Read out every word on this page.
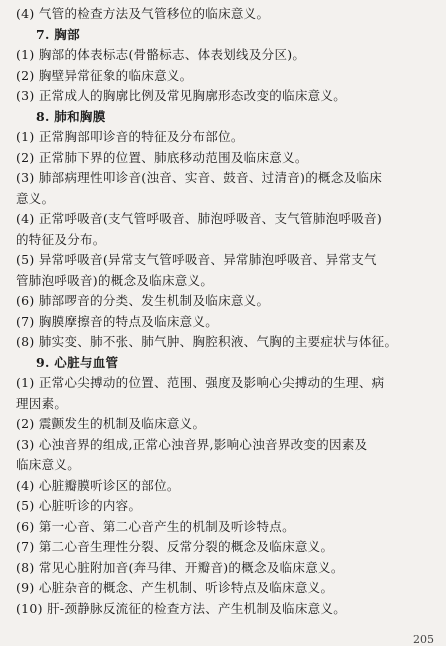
(4) 气管的检查方法及气管移位的临床意义。
7. 胸部
(1) 胸部的体表标志(骨骼标志、体表划线及分区)。
(2) 胸壁异常征象的临床意义。
(3) 正常成人的胸廓比例及常见胸廓形态改变的临床意义。
8. 肺和胸膜
(1) 正常胸部叩诊音的特征及分布部位。
(2) 正常肺下界的位置、肺底移动范围及临床意义。
(3) 肺部病理性叩诊音(浊音、实音、鼓音、过清音)的概念及临床
意义。
(4) 正常呼吸音(支气管呼吸音、肺泡呼吸音、支气管肺泡呼吸音)
的特征及分布。
(5) 异常呼吸音(异常支气管呼吸音、异常肺泡呼吸音、异常支气
管肺泡呼吸音)的概念及临床意义。
(6) 肺部啰音的分类、发生机制及临床意义。
(7) 胸膜摩擦音的特点及临床意义。
(8) 肺实变、肺不张、肺气肿、胸腔积液、气胸的主要症状与体征。
9. 心脏与血管
(1) 正常心尖搏动的位置、范围、强度及影响心尖搏动的生理、病
理因素。
(2) 震颤发生的机制及临床意义。
(3) 心浊音界的组成,正常心浊音界,影响心浊音界改变的因素及
临床意义。
(4) 心脏瓣膜听诊区的部位。
(5) 心脏听诊的内容。
(6) 第一心音、第二心音产生的机制及听诊特点。
(7) 第二心音生理性分裂、反常分裂的概念及临床意义。
(8) 常见心脏附加音(奔马律、开瓣音)的概念及临床意义。
(9) 心脏杂音的概念、产生机制、听诊特点及临床意义。
(10) 肝-颈静脉反流征的检查方法、产生机制及临床意义。
205
